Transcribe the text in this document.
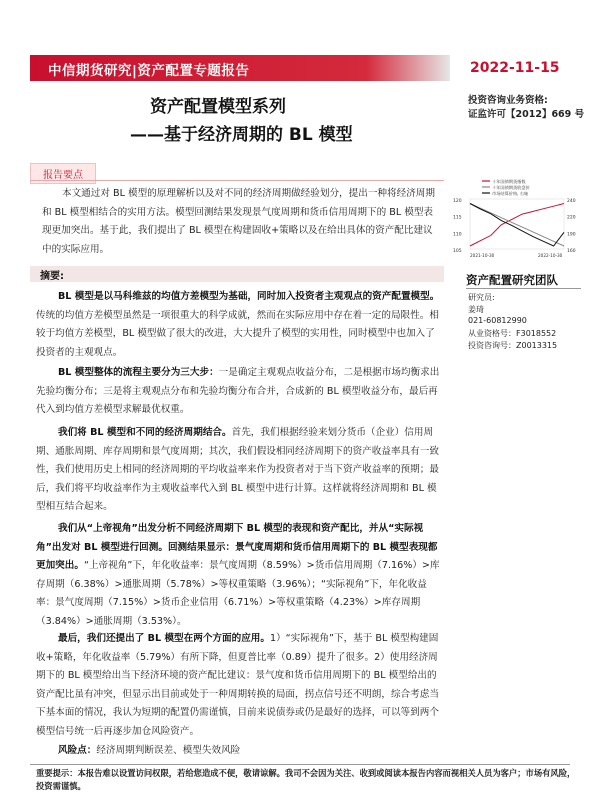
中信期货研究|资产配置专题报告	2022-11-15
资产配置模型系列
——基于经济周期的 BL 模型
投资咨询业务资格:
证监许可【2012】669 号
报告要点
本文通过对 BL 模型的原理解析以及对不同的经济周期做经验划分，提出一种将经济周期和 BL 模型相结合的实用方法。模型回测结果发现景气度周期和货币信用周期下的 BL 模型表现更加突出。基于此，我们提出了 BL 模型在构建固收+策略以及在给出具体的资产配比建议中的实际应用。
摘要:
BL 模型是以马科维兹的均值方差模型为基础，同时加入投资者主观观点的资产配置模型。传统的均值方差模型虽然是一项很重大的科学成就，然而在实际应用中存在着一定的局限性。相较于均值方差模型，BL 模型做了很大的改进，大大提升了模型的实用性，同时模型中也加入了投资者的主观观点。
BL 模型整体的流程主要分为三大步：一是确定主观观点收益分布，二是根据市场均衡求出先验均衡分布；三是将主观观点分布和先验均衡分布合并，合成新的 BL 模型收益分布，最后再代入到均值方差模型求解最优权重。
我们将 BL 模型和不同的经济周期结合。首先，我们根据经验来划分货币（企业）信用周期、通胀周期、库存周期和景气度周期；其次，我们假设相同经济周期下的资产收益率具有一致性，我们使用历史上相同的经济周期的平均收益率来作为投资者对于当下资产收益率的预期；最后，我们将平均收益率作为主观收益率代入到 BL 模型中进行计算。这样就将经济周期和 BL 模型相互结合起来。
我们从“上帝视角”出发分析不同经济周期下 BL 模型的表现和资产配比，并从“实际视角”出发对 BL 模型进行回测。回测结果显示：景气度周期和货币信用周期下的 BL 模型表现都更加突出。“上帝视角”下，年化收益率：景气度周期（8.59%）>货币信用周期（7.16%）>库存周期（6.38%）>通胀周期（5.78%）>等权重策略（3.96%）；“实际视角”下，年化收益率：景气度周期（7.15%）>货币企业信用（6.71%）>等权重策略（4.23%）>库存周期（3.84%）>通胀周期（3.53%）。
最后，我们还提出了 BL 模型在两个方面的应用。1）“实际视角”下，基于 BL 模型构建固收+策略，年化收益率（5.79%）有所下降，但夏普比率（0.89）提升了很多。2）使用经济周期下的 BL 模型给出当下经济环境的资产配比建议：景气度和货币信用周期下的 BL 模型给出的资产配比虽有冲突，但显示出目前或处于一种周期转换的局面，拐点信号还不明朗，综合考虑当下基本面的情况，我认为短期的配置仍需谨慎，目前来说债券或仍是最好的选择，可以等到两个模型信号统一后再逐步加仓风险资产。
风险点：经济周期判断误差、模型失效风险
重要提示：本报告难以设置访问权限，若给您造成不便，敬请谅解。我司不会因为关注、收到或阅读本报告内容而视相关人员为客户；市场有风险，投资需谨慎。
十年国债期货指数
十年国债期货收盘价
市场结算价格, 右轴
120
115
110
105
240
220
190
160
2021-10-30	2022-10-30
资产配置研究团队
研究员:
姜琦
021-60812990
从业资格号：F3018552
投资咨询号：Z0013315
